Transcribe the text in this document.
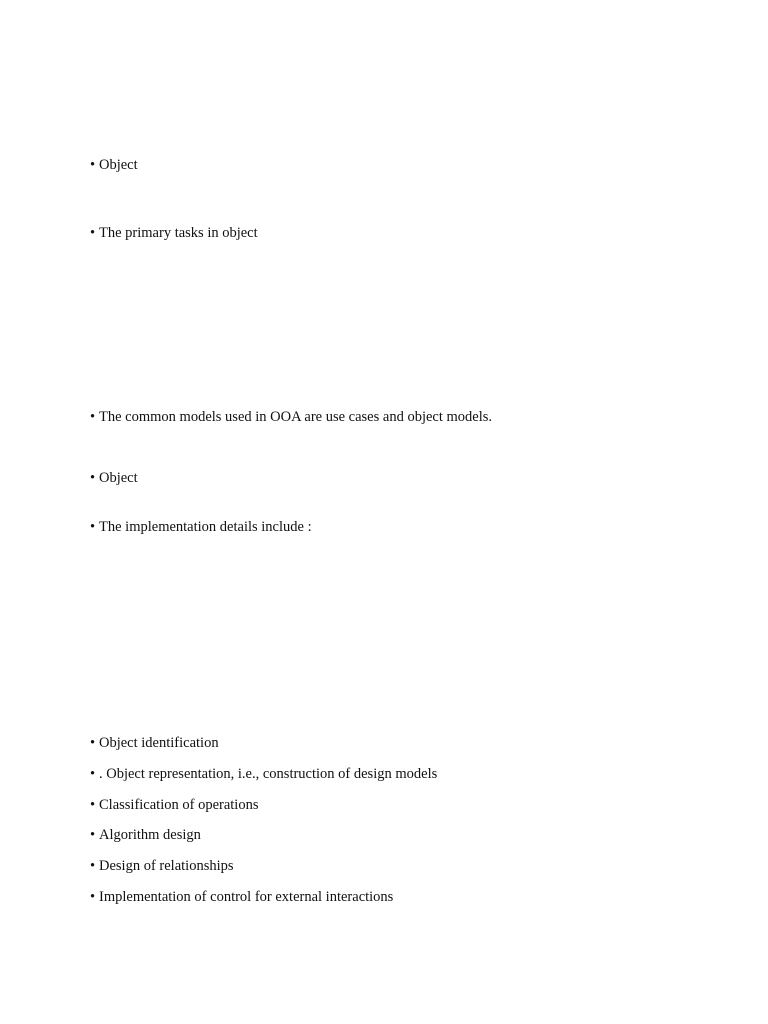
• Object
• The primary tasks in object
• The common models used in OOA are use cases and object models.
• Object
• The implementation details include :
• Object identification
• . Object representation, i.e., construction of design models
• Classification of operations
• Algorithm design
• Design of relationships
• Implementation of control for external interactions
